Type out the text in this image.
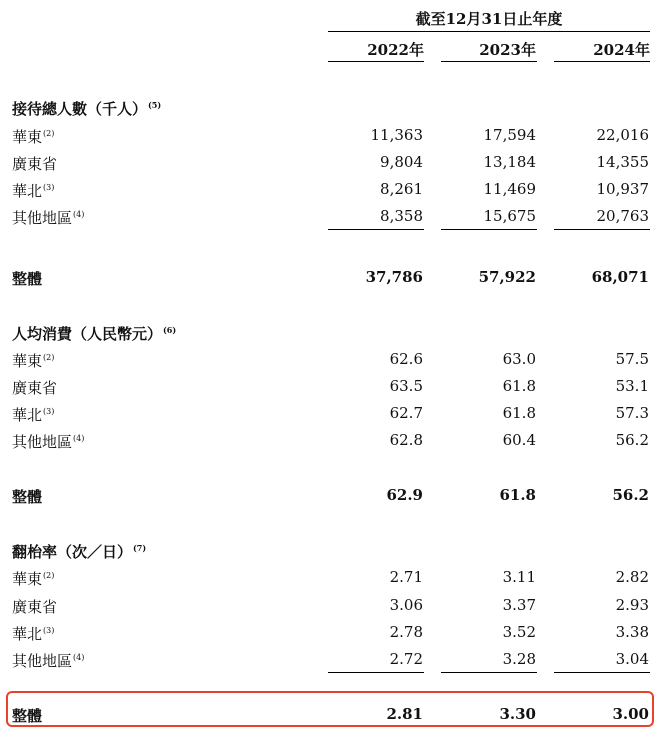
截至12月31日止年度
2022年	2023年	2024年
接待總人數（千人）$^{(5)}$
華東$^{(2)}$	11,363	17,594	22,016
廣東省	9,804	13,184	14,355
華北$^{(3)}$	8,261	11,469	10,937
其他地區$^{(4)}$	8,358	15,675	20,763
整體	37,786	57,922	68,071
人均消費（人民幣元）$^{(6)}$
華東$^{(2)}$	62.6	63.0	57.5
廣東省	63.5	61.8	53.1
華北$^{(3)}$	62.7	61.8	57.3
其他地區$^{(4)}$	62.8	60.4	56.2
整體	62.9	61.8	56.2
翻枱率（次／日）$^{(7)}$
華東$^{(2)}$	2.71	3.11	2.82
廣東省	3.06	3.37	2.93
華北$^{(3)}$	2.78	3.52	3.38
其他地區$^{(4)}$	2.72	3.28	3.04
整體	2.81	3.30	3.00
